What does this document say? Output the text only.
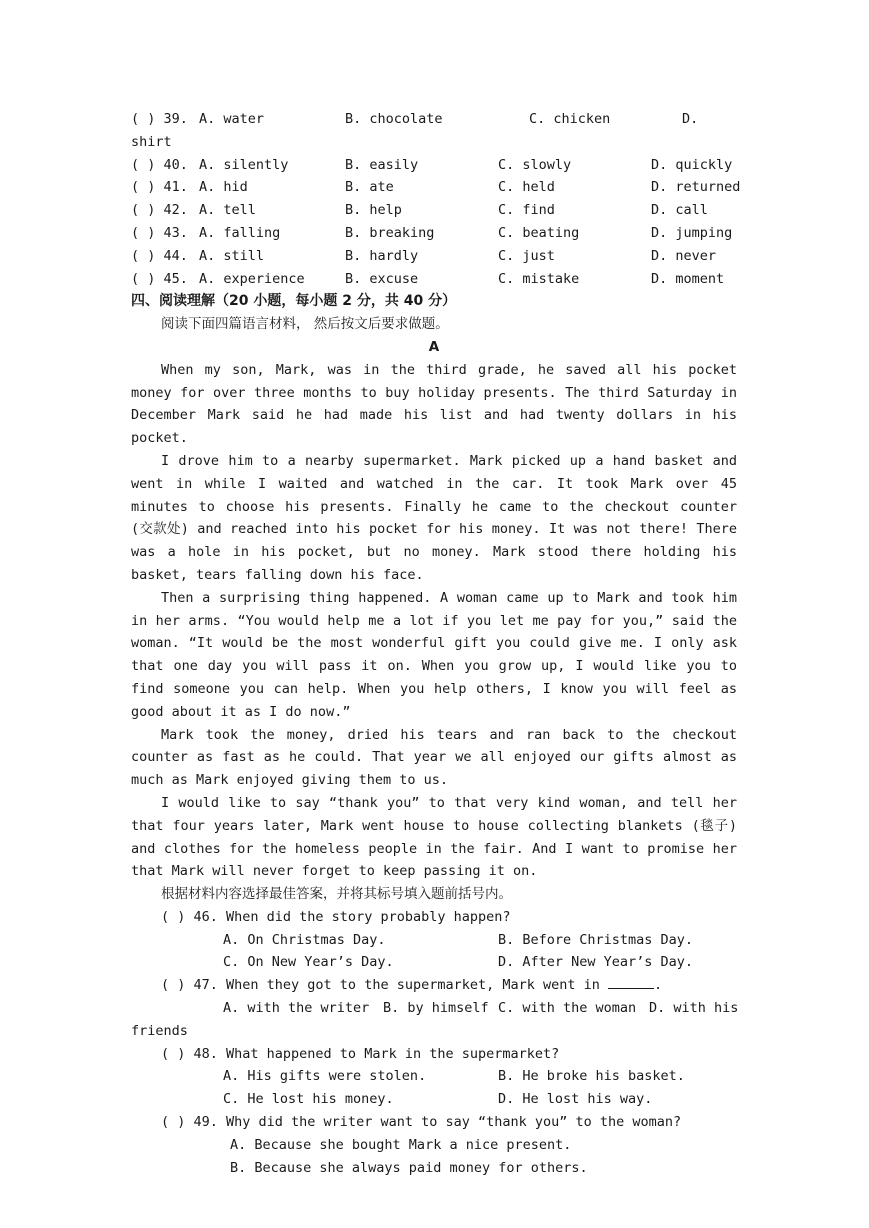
( ) 39. A. water	B. chocolate	C. chicken	D.
shirt
( ) 40. A. silently	B. easily	C. slowly	D. quickly
( ) 41. A. hid	B. ate	C. held	D. returned
( ) 42. A. tell	B. help	C. find	D. call
( ) 43. A. falling	B. breaking	C. beating	D. jumping
( ) 44. A. still	B. hardly	C. just	D. never
( ) 45. A. experience	B. excuse	C. mistake	D. moment
四、阅读理解（20 小题，每小题 2 分，共 40 分）
阅读下面四篇语言材料， 然后按文后要求做题。
A
When my son, Mark, was in the third grade, he saved all his pocket money for over three months to buy holiday presents. The third Saturday in December Mark said he had made his list and had twenty dollars in his pocket.
I drove him to a nearby supermarket. Mark picked up a hand basket and went in while I waited and watched in the car. It took Mark over 45 minutes to choose his presents. Finally he came to the checkout counter (交款处) and reached into his pocket for his money. It was not there! There was a hole in his pocket, but no money. Mark stood there holding his basket, tears falling down his face.
Then a surprising thing happened. A woman came up to Mark and took him in her arms. “You would help me a lot if you let me pay for you,” said the woman. “It would be the most wonderful gift you could give me. I only ask that one day you will pass it on. When you grow up, I would like you to find someone you can help. When you help others, I know you will feel as good about it as I do now.”
Mark took the money, dried his tears and ran back to the checkout counter as fast as he could. That year we all enjoyed our gifts almost as much as Mark enjoyed giving them to us.
I would like to say “thank you” to that very kind woman, and tell her that four years later, Mark went house to house collecting blankets (毯子) and clothes for the homeless people in the fair. And I want to promise her that Mark will never forget to keep passing it on.
根据材料内容选择最佳答案，并将其标号填入题前括号内。
( ) 46. When did the story probably happen?
A. On Christmas Day.	B. Before Christmas Day.
C. On New Year’s Day.	D. After New Year’s Day.
( ) 47. When they got to the supermarket, Mark went in	.
A. with the writer B. by himself C. with the woman D. with his
friends
( ) 48. What happened to Mark in the supermarket?
A. His gifts were stolen.	B. He broke his basket.
C. He lost his money.	D. He lost his way.
( ) 49. Why did the writer want to say “thank you” to the woman?
A. Because she bought Mark a nice present.
B. Because she always paid money for others.
